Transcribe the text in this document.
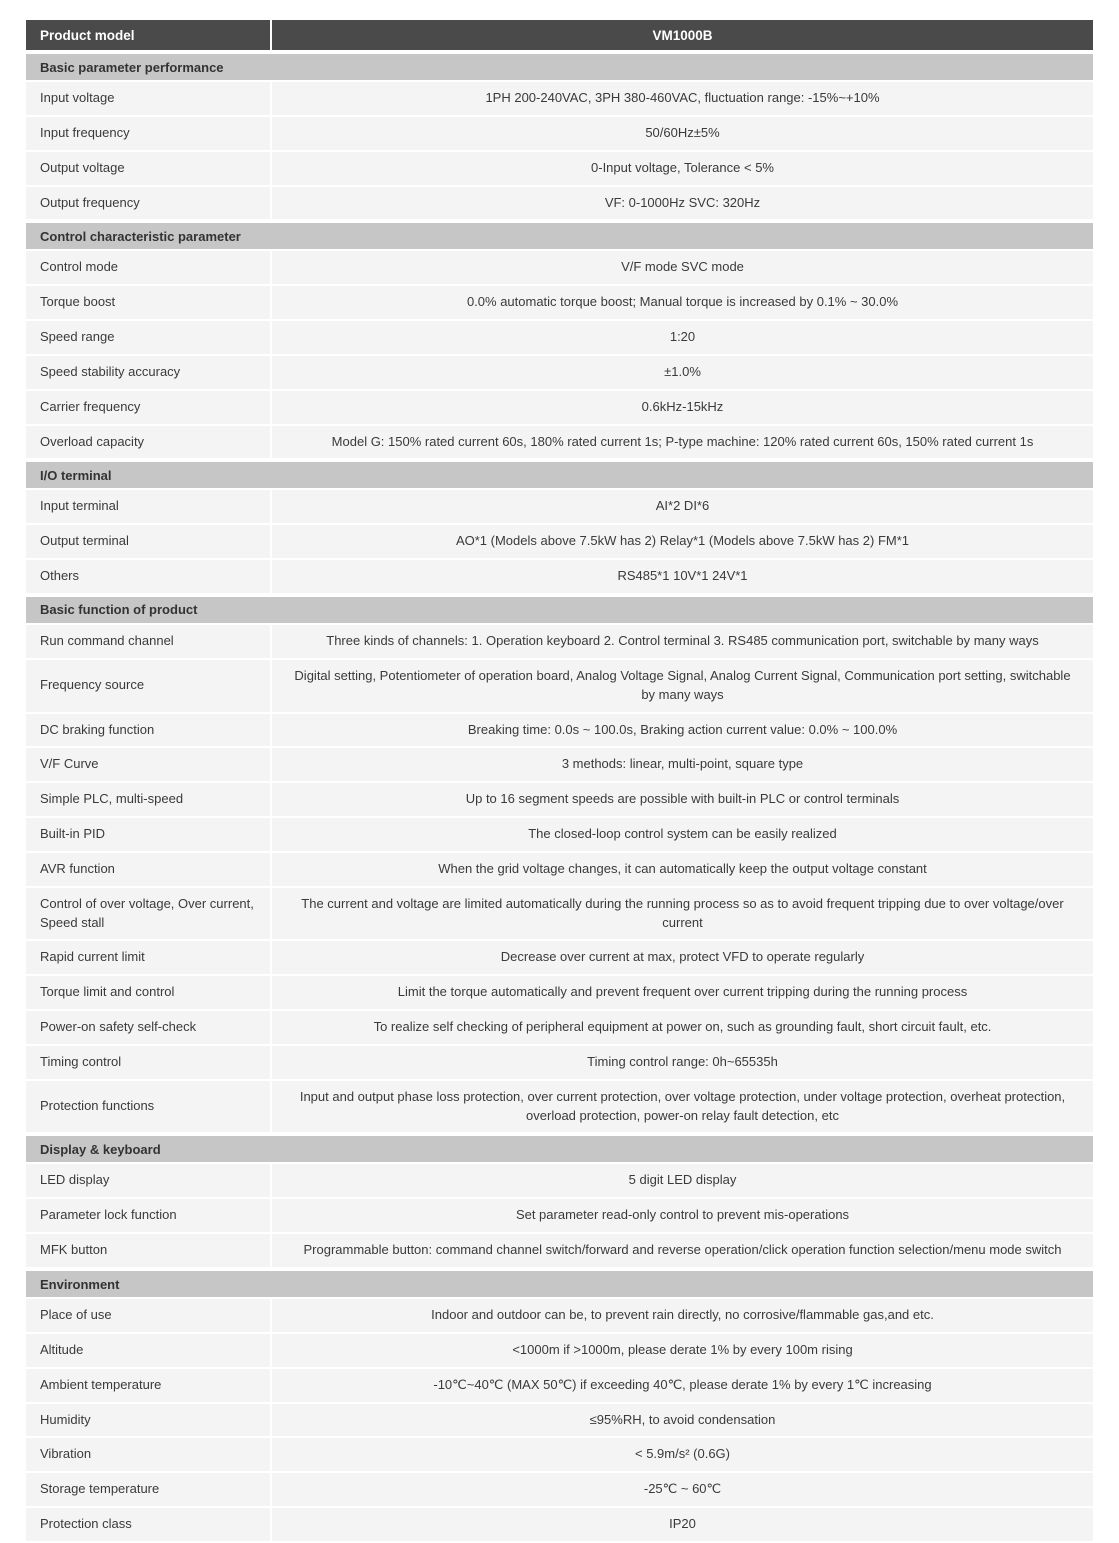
Product model	VM1000B
Basic parameter performance	
Input voltage	1PH 200-240VAC, 3PH 380-460VAC, fluctuation range: -15%~+10%
Input frequency	50/60Hz±5%
Output voltage	0-Input voltage, Tolerance < 5%
Output frequency	VF: 0-1000Hz SVC: 320Hz
Control characteristic parameter	
Control mode	V/F mode SVC mode
Torque boost	0.0% automatic torque boost; Manual torque is increased by 0.1% ~ 30.0%
Speed range	1:20
Speed stability accuracy	±1.0%
Carrier frequency	0.6kHz-15kHz
Overload capacity	Model G: 150% rated current 60s, 180% rated current 1s; P-type machine: 120% rated current 60s, 150% rated current 1s
I/O terminal	
Input terminal	AI*2 DI*6
Output terminal	AO*1 (Models above 7.5kW has 2) Relay*1 (Models above 7.5kW has 2) FM*1
Others	RS485*1 10V*1 24V*1
Basic function of product	
Run command channel	Three kinds of channels: 1. Operation keyboard 2. Control terminal 3. RS485 communication port, switchable by many ways
Frequency source	Digital setting, Potentiometer of operation board, Analog Voltage Signal, Analog Current Signal, Communication port setting, switchable by many ways
DC braking function	Breaking time: 0.0s ~ 100.0s, Braking action current value: 0.0% ~ 100.0%
V/F Curve	3 methods: linear, multi-point, square type
Simple PLC, multi-speed	Up to 16 segment speeds are possible with built-in PLC or control terminals
Built-in PID	The closed-loop control system can be easily realized
AVR function	When the grid voltage changes, it can automatically keep the output voltage constant
Control of over voltage, Over current, Speed stall	The current and voltage are limited automatically during the running process so as to avoid frequent tripping due to over voltage/over current
Rapid current limit	Decrease over current at max, protect VFD to operate regularly
Torque limit and control	Limit the torque automatically and prevent frequent over current tripping during the running process
Power-on safety self-check	To realize self checking of peripheral equipment at power on, such as grounding fault, short circuit fault, etc.
Timing control	Timing control range: 0h~65535h
Protection functions	Input and output phase loss protection, over current protection, over voltage protection, under voltage protection, overheat protection, overload protection, power-on relay fault detection, etc
Display & keyboard	
LED display	5 digit LED display
Parameter lock function	Set parameter read-only control to prevent mis-operations
MFK button	Programmable button: command channel switch/forward and reverse operation/click operation function selection/menu mode switch
Environment	
Place of use	Indoor and outdoor can be, to prevent rain directly, no corrosive/flammable gas,and etc.
Altitude	<1000m if >1000m, please derate 1% by every 100m rising
Ambient temperature	-10℃~40℃ (MAX 50℃) if exceeding 40℃, please derate 1% by every 1℃ increasing
Humidity	≤95%RH, to avoid condensation
Vibration	< 5.9m/s² (0.6G)
Storage temperature	-25℃ ~ 60℃
Protection class	IP20
